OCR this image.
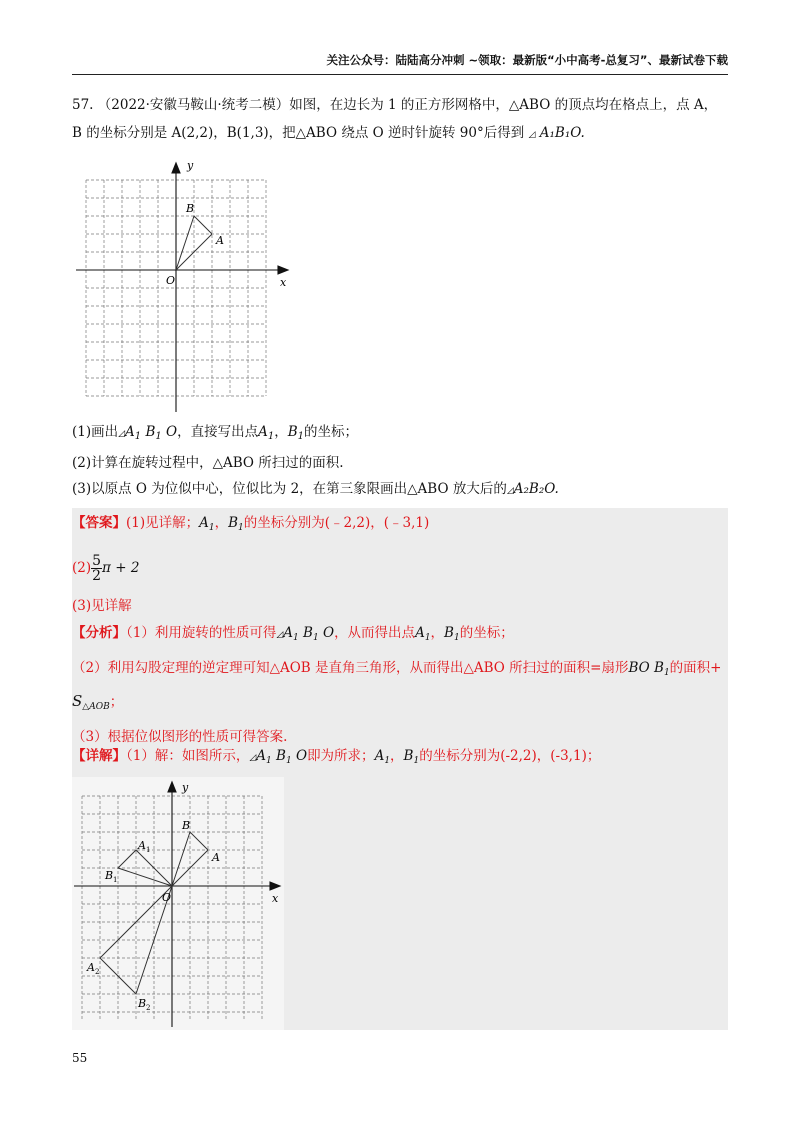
关注公众号：陆陆高分冲刺 ~领取：最新版“小中高考-总复习”、最新试卷下载

57. （2022·安徽马鞍山·统考二模）如图，在边长为 1 的正方形网格中，△ABO 的顶点均在格点上，点 A，

B 的坐标分别是 A(2,2)，B(1,3)，把△ABO 绕点 O 逆时针旋转 90°后得到 ◿ A₁B₁O.

y
x
O
A
B

(1)画出$◿A_1$ $B_1$ O，直接写出点$A_1$，$B_1$的坐标；

(2)计算在旋转过程中，△ABO 所扫过的面积.

(3)以原点 O 为位似中心，位似比为 2，在第三象限画出△ABO 放大后的◿A₂B₂O.

【答案】(1)见详解；$A_1$，$B_1$的坐标分别为(﹣2,2)，(﹣3,1)

$(2) \frac{5}{2}$ π + 2

(3)见详解

【分析】（1）利用旋转的性质可得$◿A_1$ $B_1$ O，从而得出点$A_1$，$B_1$的坐标；

（2）利用勾股定理的逆定理可知△AOB 是直角三角形，从而得出△ABO 所扫过的面积=扇形BO $B_1$的面积+

$S_{\triangle AOB}$；

（3）根据位似图形的性质可得答案.

【详解】（1）解：如图所示，$◿A_1$ $B_1$ O即为所求；$A_1$，$B_1$的坐标分别为(-2,2)，(-3,1)；

y
x
O
A
B
A 1
B 1
A 2
B 2
55
